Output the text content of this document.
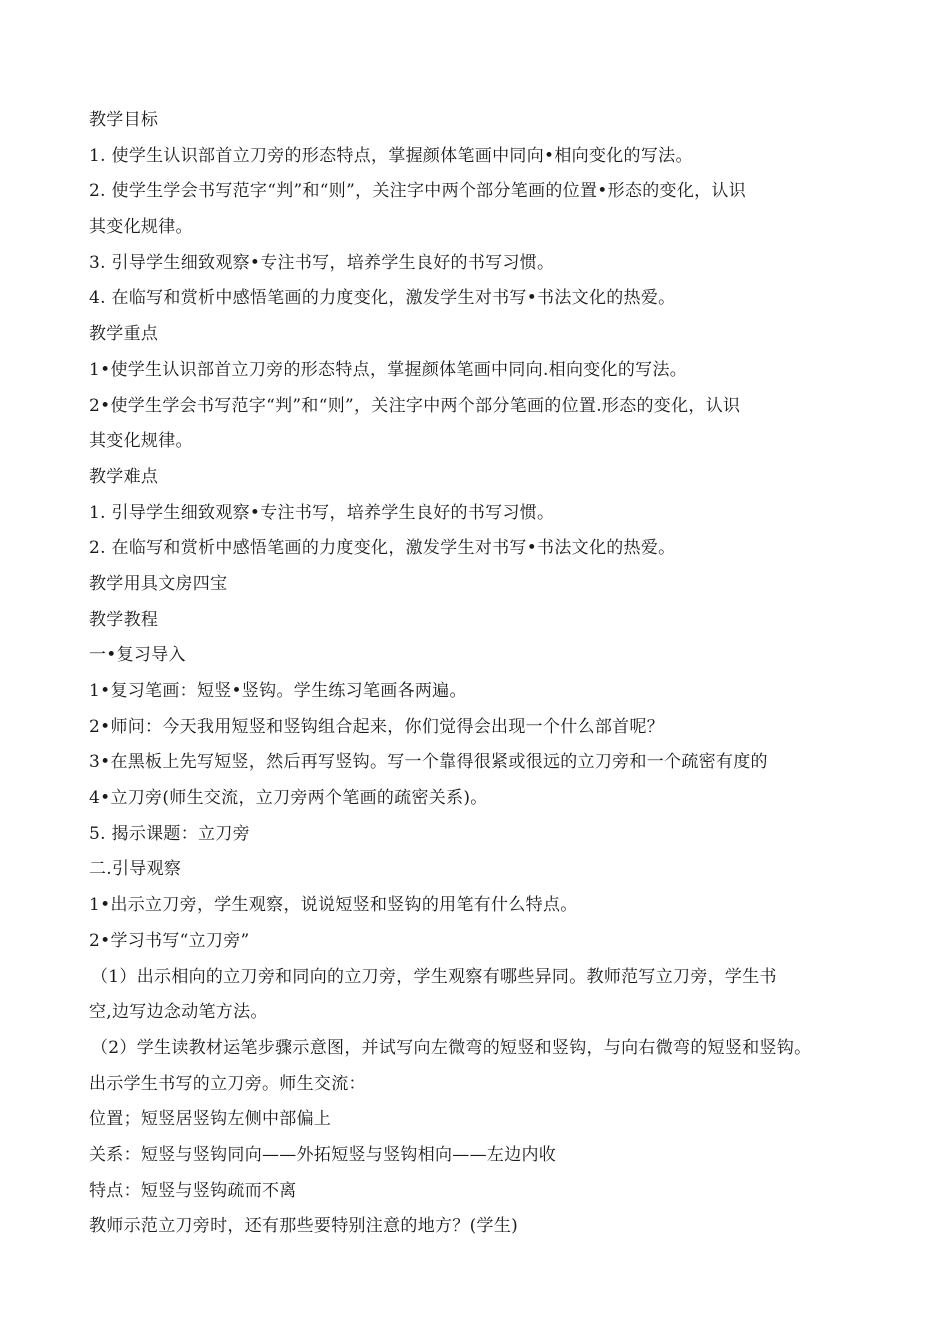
教学目标
1. 使学生认识部首立刀旁的形态特点，掌握颜体笔画中同向•相向变化的写法。
2. 使学生学会书写范字“判”和“则”，关注字中两个部分笔画的位置•形态的变化，认识
其变化规律。
3. 引导学生细致观察•专注书写，培养学生良好的书写习惯。
4. 在临写和赏析中感悟笔画的力度变化，激发学生对书写•书法文化的热爱。
教学重点
1•使学生认识部首立刀旁的形态特点，掌握颜体笔画中同向.相向变化的写法。
2•使学生学会书写范字“判”和“则”，关注字中两个部分笔画的位置.形态的变化，认识
其变化规律。
教学难点
1. 引导学生细致观察•专注书写，培养学生良好的书写习惯。
2. 在临写和赏析中感悟笔画的力度变化，激发学生对书写•书法文化的热爱。
教学用具文房四宝
教学教程
一•复习导入
1•复习笔画：短竖•竖钩。学生练习笔画各两遍。
2•师问：今天我用短竖和竖钩组合起来，你们觉得会出现一个什么部首呢？
3•在黑板上先写短竖，然后再写竖钩。写一个靠得很紧或很远的立刀旁和一个疏密有度的
4•立刀旁(师生交流，立刀旁两个笔画的疏密关系)。
5. 揭示课题：立刀旁
二.引导观察
1•出示立刀旁，学生观察，说说短竖和竖钩的用笔有什么特点。
2•学习书写“立刀旁”
（1）出示相向的立刀旁和同向的立刀旁，学生观察有哪些异同。教师范写立刀旁，学生书
空,边写边念动笔方法。
（2）学生读教材运笔步骤示意图，并试写向左微弯的短竖和竖钩，与向右微弯的短竖和竖钩。
出示学生书写的立刀旁。师生交流：
位置；短竖居竖钩左侧中部偏上
关系：短竖与竖钩同向——外拓短竖与竖钩相向——左边内收
特点：短竖与竖钩疏而不离
教师示范立刀旁时，还有那些要特别注意的地方？(学生)
